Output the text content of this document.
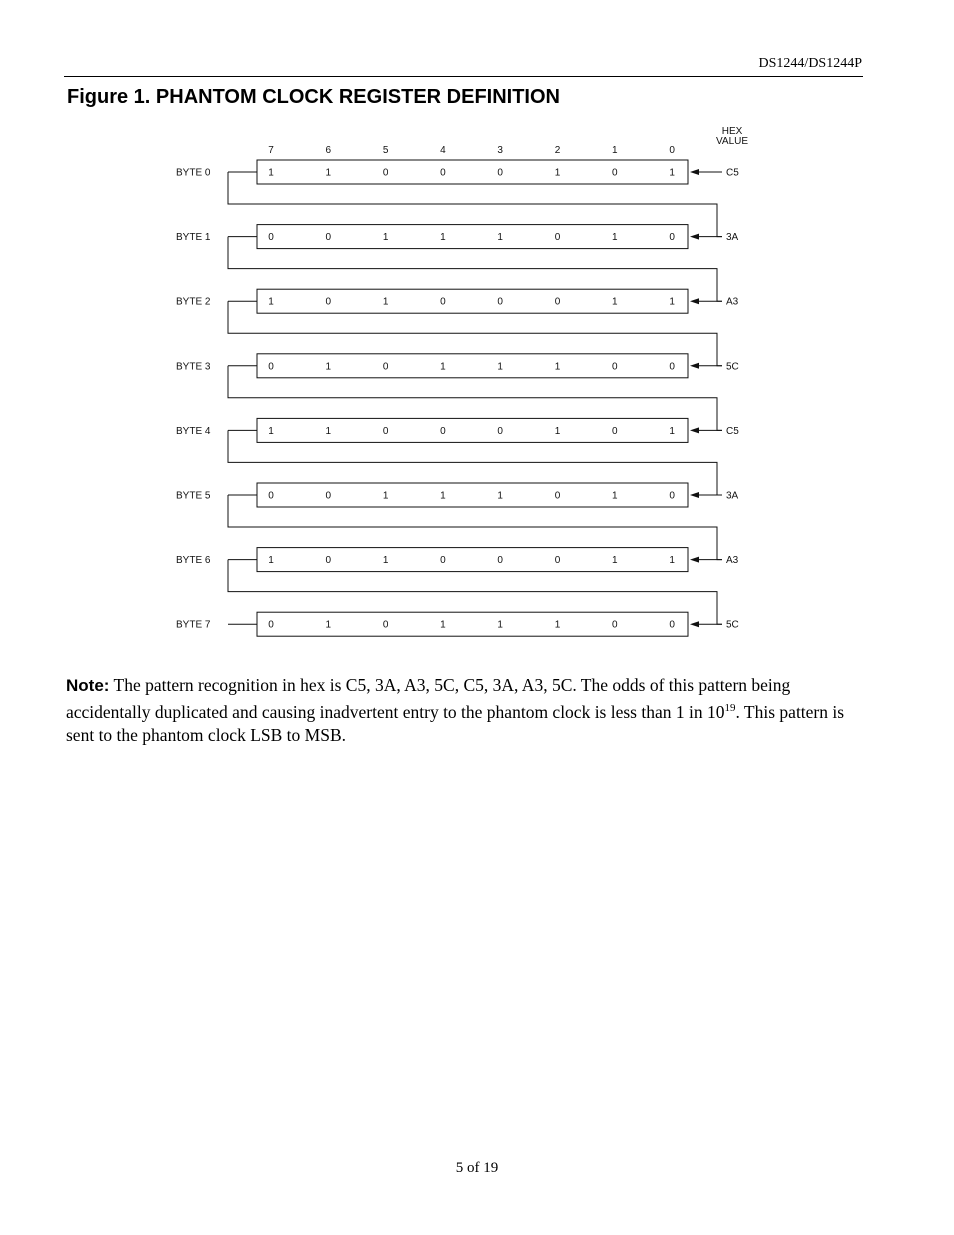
DS1244/DS1244P
Figure 1. PHANTOM CLOCK REGISTER DEFINITION
7	6	5	4	3	2	1	0
HEX
VALUE
BYTE 0	1	1	0	0	0	1	0	1	C5
BYTE 1	0	0	1	1	1	0	1	0	3A
BYTE 2	1	0	1	0	0	0	1	1	A3
BYTE 3	0	1	0	1	1	1	0	0	5C
BYTE 4	1	1	0	0	0	1	0	1	C5
BYTE 5	0	0	1	1	1	0	1	0	3A
BYTE 6	1	0	1	0	0	0	1	1	A3
BYTE 7	0	1	0	1	1	1	0	0	5C
Note: The pattern recognition in hex is C5, 3A, A3, 5C, C5, 3A, A3, 5C. The odds of this pattern being accidentally duplicated and causing inadvertent entry to the phantom clock is less than 1 in $10^{19}$. This pattern is sent to the phantom clock LSB to MSB.
5 of 19
